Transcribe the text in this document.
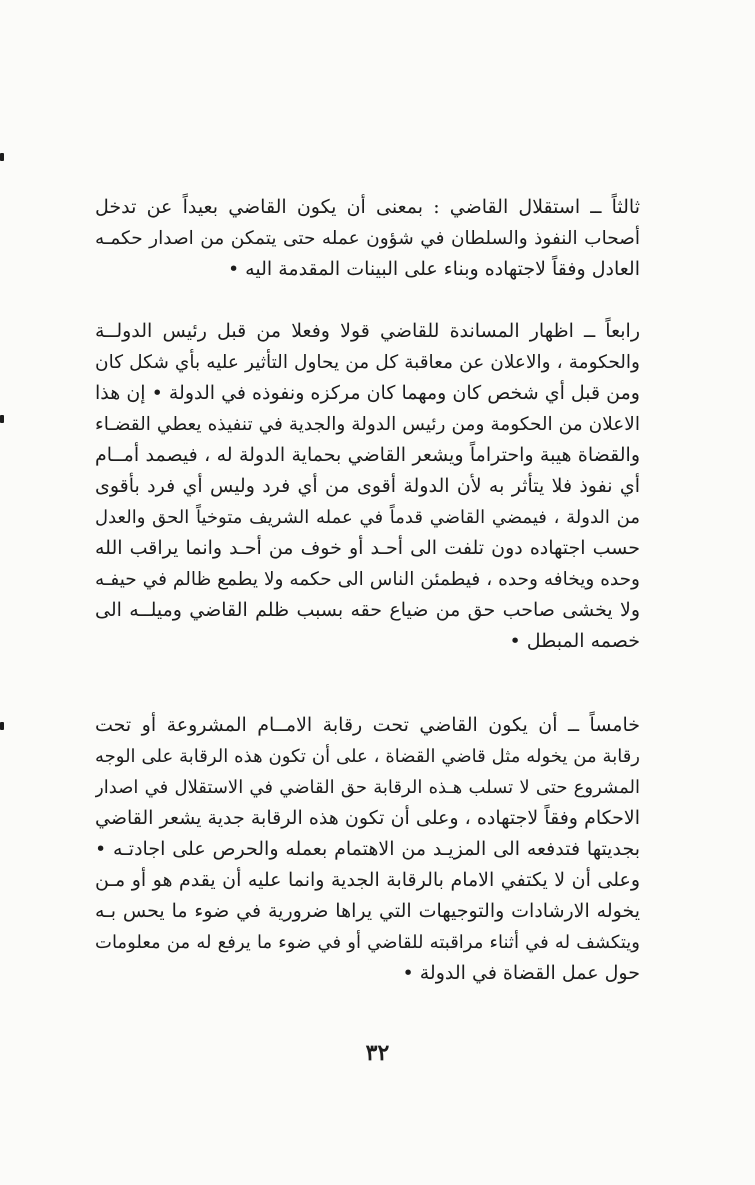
ثالثاً ــ استقلال القاضي : بمعنى أن يكون القاضي بعيداً عن تدخل
أصحاب النفوذ والسلطان في شؤون عمله حتى يتمكن من اصدار حكمـه
العادل وفقاً لاجتهاده وبناء على البينات المقدمة اليه •
رابعاً ــ اظهار المساندة للقاضي قولا وفعلا من قبل رئيس الدولــة
والحكومة ، والاعلان عن معاقبة كل من يحاول التأثير عليه بأي شكل كان
ومن قبل أي شخص كان ومهما كان مركزه ونفوذه في الدولة • إن هذا
الاعلان من الحكومة ومن رئيس الدولة والجدية في تنفيذه يعطي القضـاء
والقضاة هيبة واحتراماً ويشعر القاضي بحماية الدولة له ، فيصمد أمــام
أي نفوذ فلا يتأثر به لأن الدولة أقوى من أي فرد وليس أي فرد بأقوى
من الدولة ، فيمضي القاضي قدماً في عمله الشريف متوخياً الحق والعدل
حسب اجتهاده دون تلفت الى أحـد أو خوف من أحـد وانما يراقب الله
وحده ويخافه وحده ، فيطمئن الناس الى حكمه ولا يطمع ظالم في حيفـه
ولا يخشى صاحب حق من ضياع حقه بسبب ظلم القاضي وميلــه الى
خصمه المبطل •
خامساً ــ أن يكون القاضي تحت رقابة الامــام المشروعة أو تحت
رقابة من يخوله مثل قاضي القضاة ، على أن تكون هذه الرقابة على الوجه
المشروع حتى لا تسلب هـذه الرقابة حق القاضي في الاستقلال في اصدار
الاحكام وفقاً لاجتهاده ، وعلى أن تكون هذه الرقابة جدية يشعر القاضي
بجديتها فتدفعه الى المزيـد من الاهتمام بعمله والحرص على اجادتـه •
وعلى أن لا يكتفي الامام بالرقابة الجدية وانما عليه أن يقدم هو أو مـن
يخوله الارشادات والتوجيهات التي يراها ضرورية في ضوء ما يحس بـه
ويتكشف له في أثناء مراقبته للقاضي أو في ضوء ما يرفع له من معلومات
حول عمل القضاة في الدولة •
٣٢
